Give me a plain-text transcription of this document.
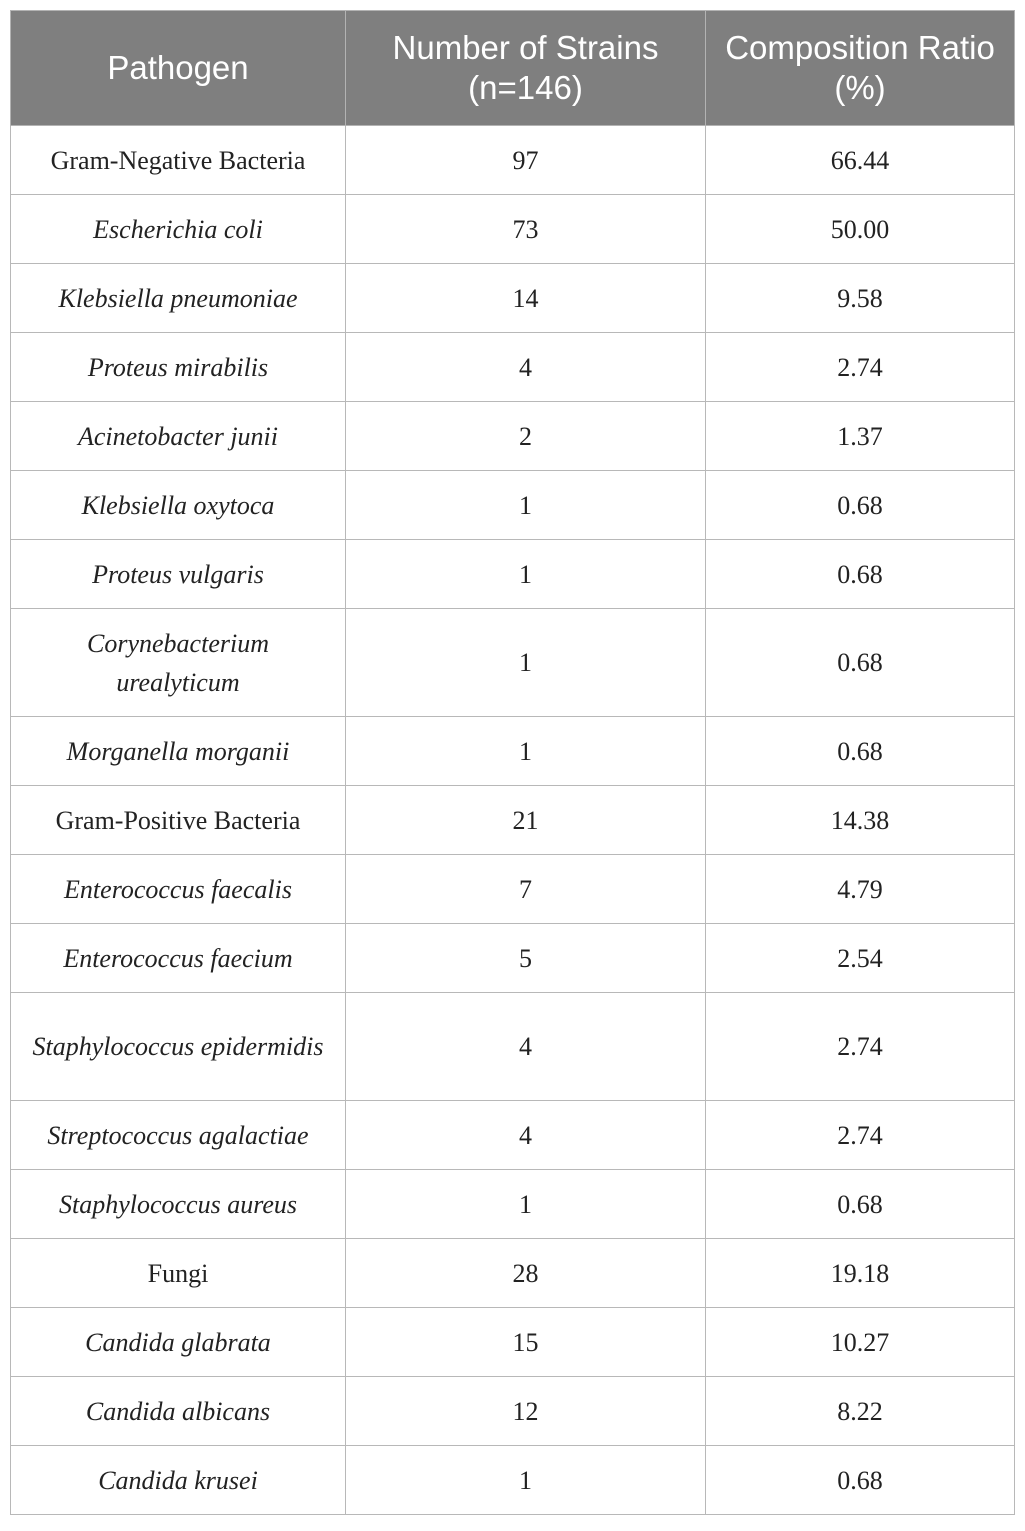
Pathogen	Number of Strains (n=146)	Composition Ratio (%)
Gram-Negative Bacteria	97	66.44
Escherichia coli	73	50.00
Klebsiella pneumoniae	14	9.58
Proteus mirabilis	4	2.74
Acinetobacter junii	2	1.37
Klebsiella oxytoca	1	0.68
Proteus vulgaris	1	0.68
Corynebacterium urealyticum	1	0.68
Morganella morganii	1	0.68
Gram-Positive Bacteria	21	14.38
Enterococcus faecalis	7	4.79
Enterococcus faecium	5	2.54
Staphylococcus epidermidis	4	2.74
Streptococcus agalactiae	4	2.74
Staphylococcus aureus	1	0.68
Fungi	28	19.18
Candida glabrata	15	10.27
Candida albicans	12	8.22
Candida krusei	1	0.68
